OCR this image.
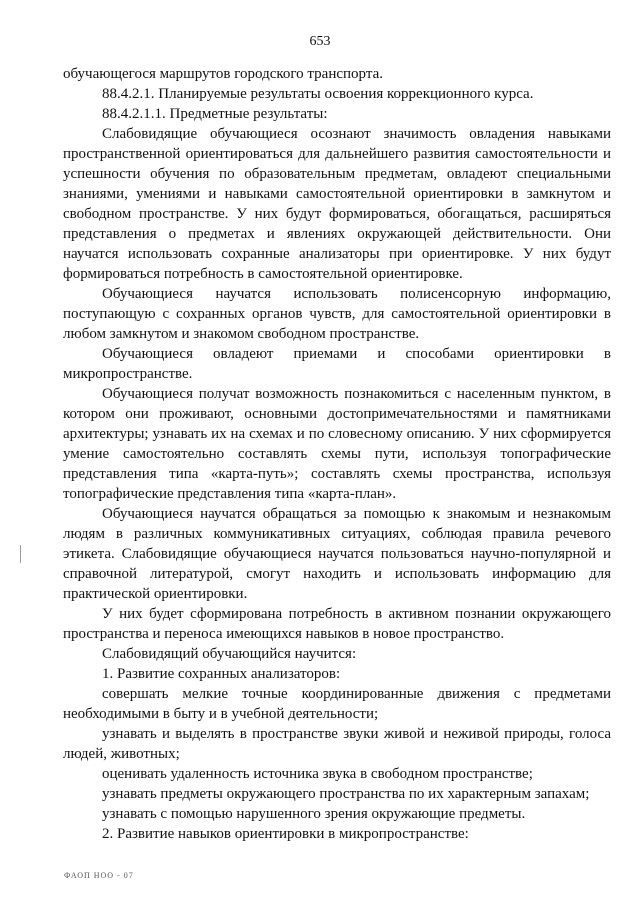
653

обучающегося маршрутов городского транспорта.

88.4.2.1. Планируемые результаты освоения коррекционного курса.

88.4.2.1.1. Предметные результаты:

Слабовидящие обучающиеся осознают значимость овладения навыками пространственной ориентироваться для дальнейшего развития самостоятельности и успешности обучения по образовательным предметам, овладеют специальными знаниями, умениями и навыками самостоятельной ориентировки в замкнутом и свободном пространстве. У них будут формироваться, обогащаться, расширяться представления о предметах и явлениях окружающей действительности. Они научатся использовать сохранные анализаторы при ориентировке. У них будут формироваться потребность в самостоятельной ориентировке.

Обучающиеся научатся использовать полисенсорную информацию, поступающую с сохранных органов чувств, для самостоятельной ориентировки в любом замкнутом и знакомом свободном пространстве.

Обучающиеся овладеют приемами и способами ориентировки в микропространстве.

Обучающиеся получат возможность познакомиться с населенным пунктом, в котором они проживают, основными достопримечательностями и памятниками архитектуры; узнавать их на схемах и по словесному описанию. У них сформируется умение самостоятельно составлять схемы пути, используя топографические представления типа «карта-путь»; составлять схемы пространства, используя топографические представления типа «карта-план».

Обучающиеся научатся обращаться за помощью к знакомым и незнакомым людям в различных коммуникативных ситуациях, соблюдая правила речевого этикета. Слабовидящие обучающиеся научатся пользоваться научно-популярной и справочной литературой, смогут находить и использовать информацию для практической ориентировки.

У них будет сформирована потребность в активном познании окружающего пространства и переноса имеющихся навыков в новое пространство.

Слабовидящий обучающийся научится:

1. Развитие сохранных анализаторов:

совершать мелкие точные координированные движения с предметами необходимыми в быту и в учебной деятельности;

узнавать и выделять в пространстве звуки живой и неживой природы, голоса людей, животных;

оценивать удаленность источника звука в свободном пространстве;

узнавать предметы окружающего пространства по их характерным запахам;

узнавать с помощью нарушенного зрения окружающие предметы.

2. Развитие навыков ориентировки в микропространстве:

ФАОП НОО - 07
